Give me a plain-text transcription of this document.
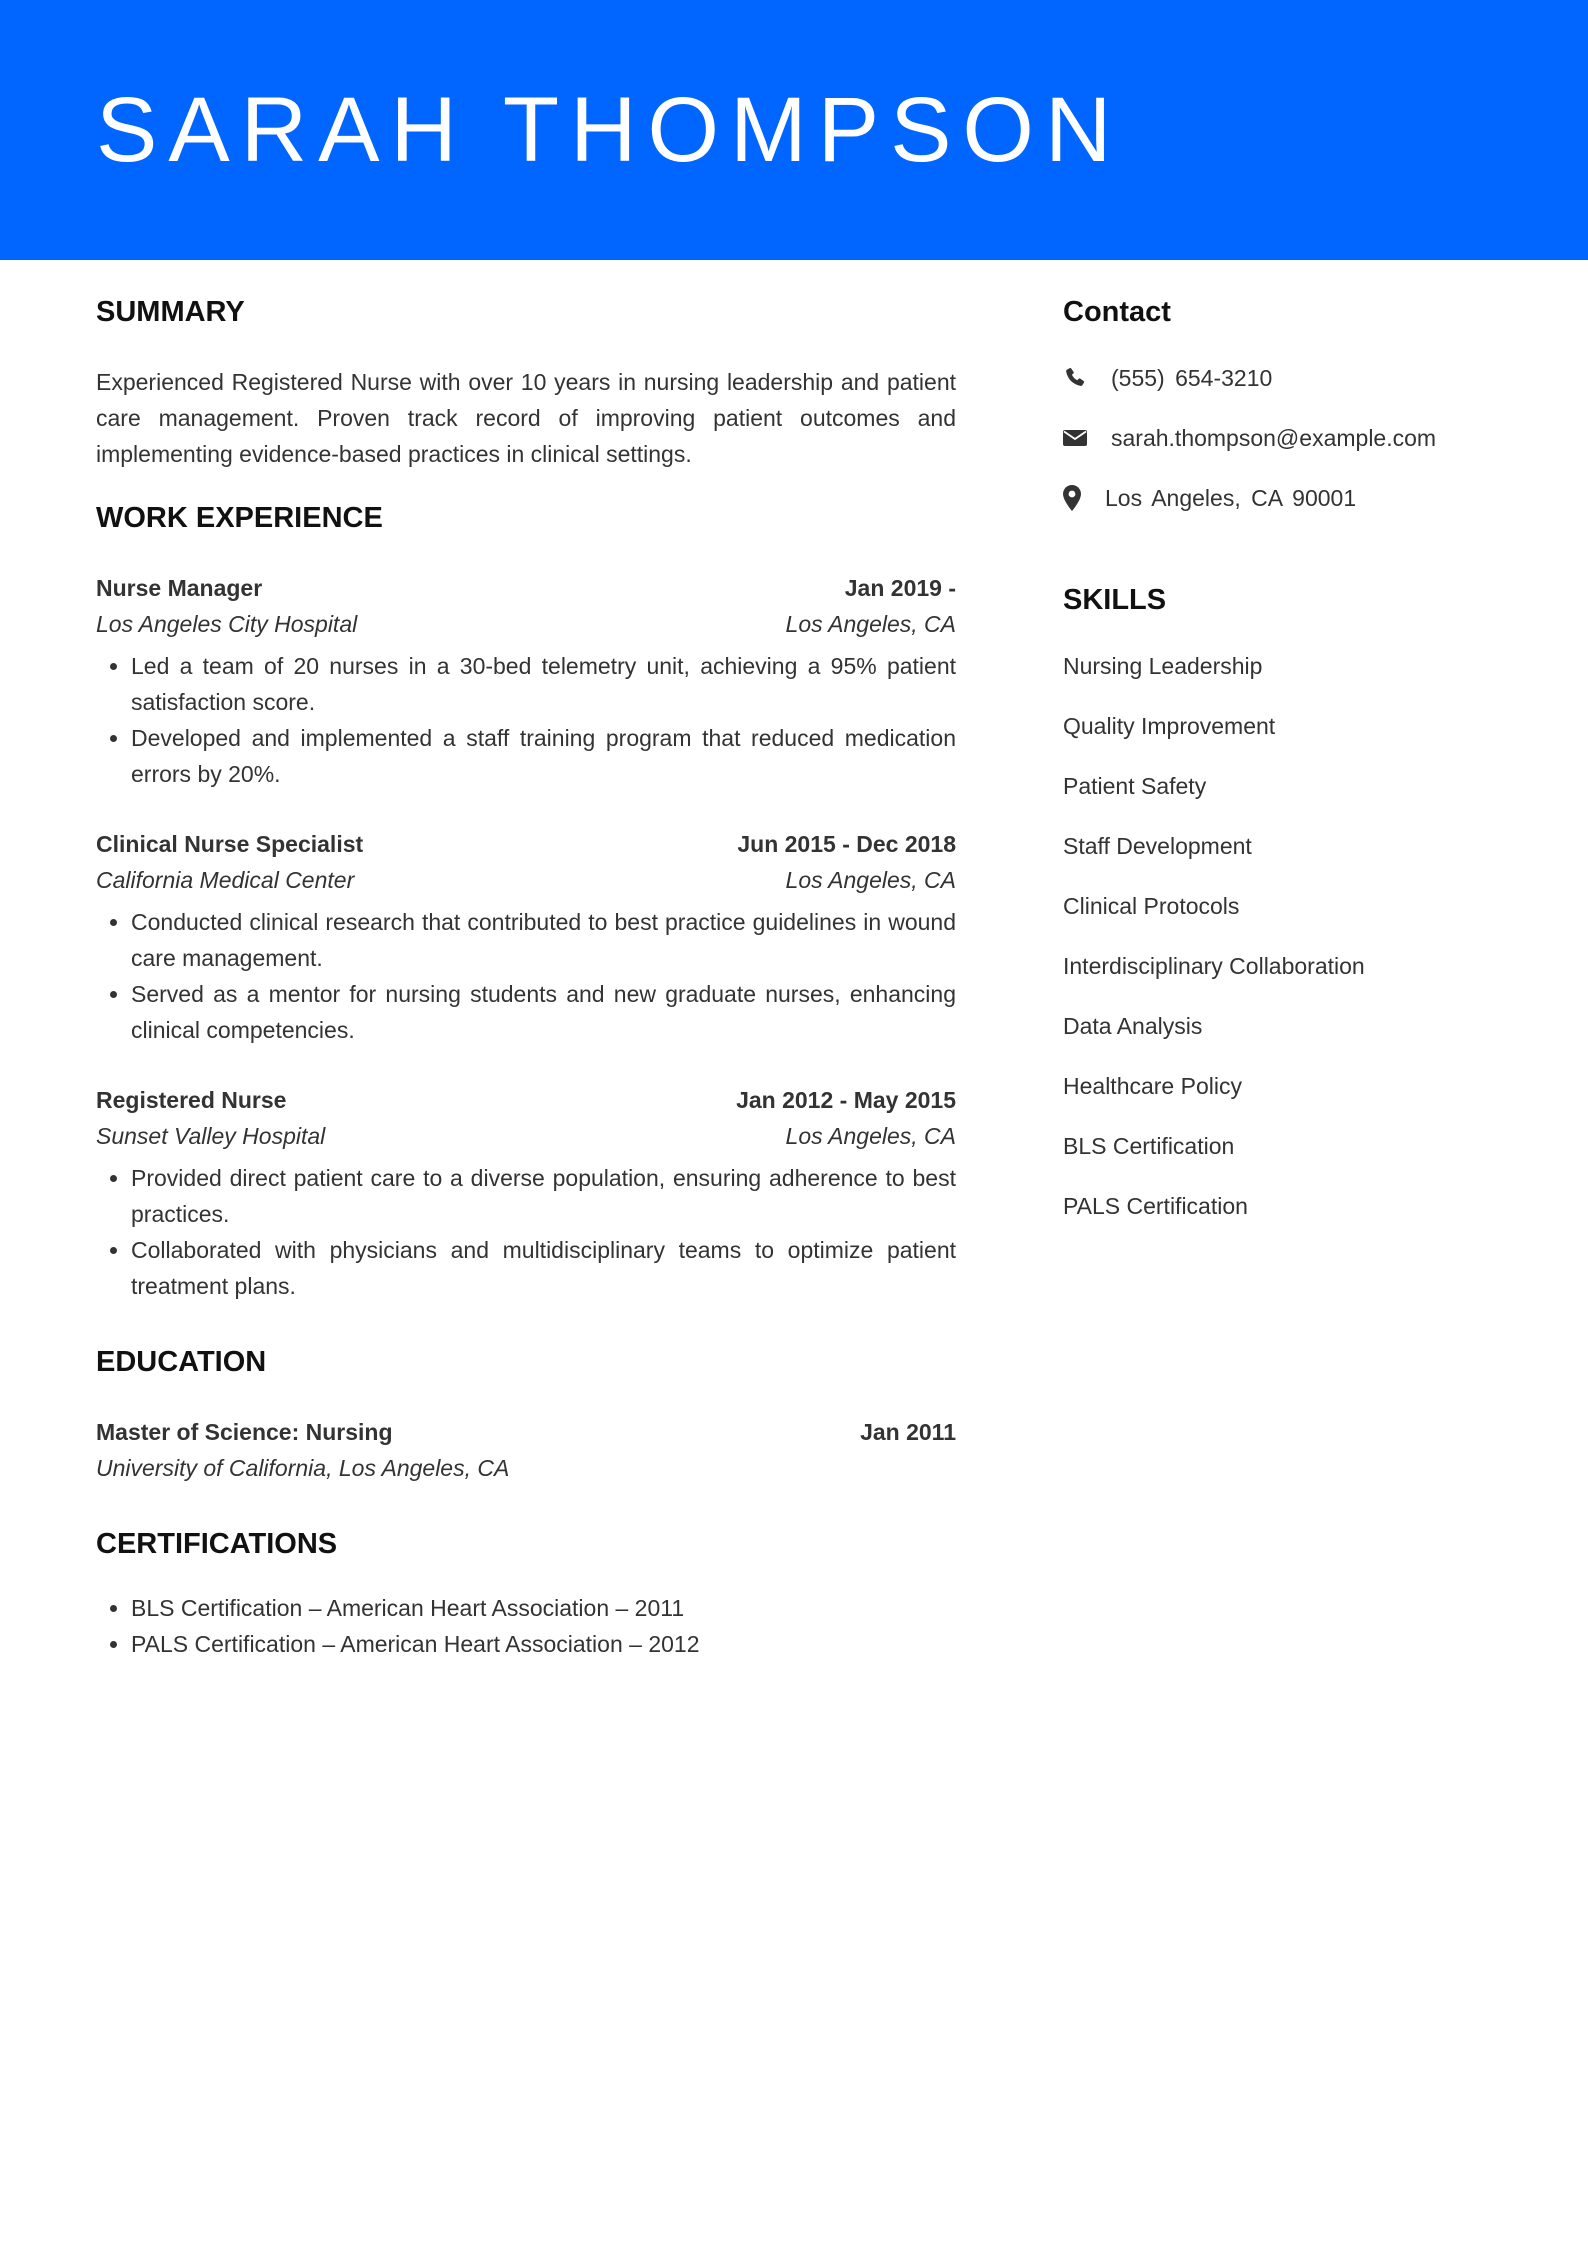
SARAH THOMPSON
SUMMARY

Experienced Registered Nurse with over 10 years in nursing leadership and patient care management. Proven track record of improving patient outcomes and implementing evidence-based practices in clinical settings.

WORK EXPERIENCE
Nurse Manager	Jan 2019 -
Los Angeles City Hospital	Los Angeles, CA
• Led a team of 20 nurses in a 30-bed telemetry unit, achieving a 95% patient satisfaction score.
• Developed and implemented a staff training program that reduced medication errors by 20%.
Clinical Nurse Specialist	Jun 2015 - Dec 2018
California Medical Center	Los Angeles, CA
• Conducted clinical research that contributed to best practice guidelines in wound care management.
• Served as a mentor for nursing students and new graduate nurses, enhancing clinical competencies.
Registered Nurse	Jan 2012 - May 2015
Sunset Valley Hospital	Los Angeles, CA
• Provided direct patient care to a diverse population, ensuring adherence to best practices.
• Collaborated with physicians and multidisciplinary teams to optimize patient treatment plans.
EDUCATION
Master of Science: Nursing	Jan 2011
University of California, Los Angeles, CA
CERTIFICATIONS
• BLS Certification – American Heart Association – 2011
• PALS Certification – American Heart Association – 2012
Contact
(555) 654-3210
sarah.thompson@example.com
Los Angeles, CA 90001
SKILLS
Nursing Leadership
Quality Improvement
Patient Safety
Staff Development
Clinical Protocols
Interdisciplinary Collaboration
Data Analysis
Healthcare Policy
BLS Certification
PALS Certification
